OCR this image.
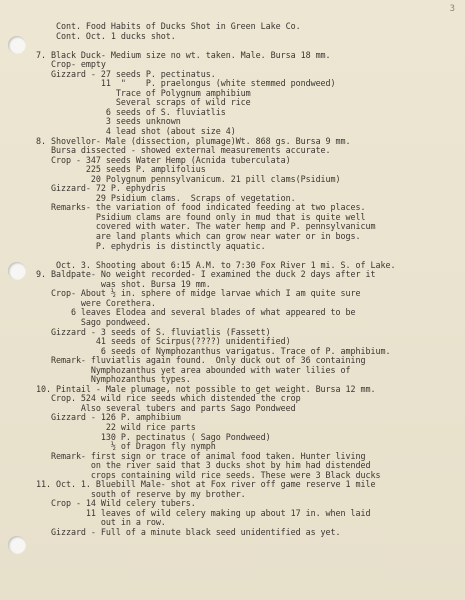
3
Cont. Food Habits of Ducks Shot in Green Lake Co.
Cont. Oct. 1 ducks shot.
7. Black Duck- Medium size no wt. taken. Male. Bursa 18 mm.
Crop- empty
Gizzard - 27 seeds P. pectinatus.
11  "    P. praelongus (white stemmed pondweed)
Trace of Polygnum amphibium
Several scraps of wild rice
6 seeds of S. fluviatlis
3 seeds unknown
4 lead shot (about size 4)
8. Shovellor- Male (dissection, plumage)Wt. 868 gs. Bursa 9 mm.
Bursa dissected - showed external measurements accurate.
Crop - 347 seeds Water Hemp (Acnida tuberculata)
225 seeds P. amplifolius
20 Polygnum pennsylvanicum. 21 pill clams(Psidium)
Gizzard- 72 P. ephydris
29 Psidium clams.  Scraps of vegetation.
Remarks- the variation of food indicated feeding at two places.
Psidium clams are found only in mud that is quite well
covered with water. The water hemp and P. pennsylvanicum
are land plants which can grow near water or in bogs.
P. ephydris is distinctly aquatic.
Oct. 3. Shooting about 6:15 A.M. to 7:30 Fox River 1 mi. S. of Lake.
9. Baldpate- No weight recorded- I examined the duck 2 days after it
was shot. Bursa 19 mm.
Crop- About ½ in. sphere of midge larvae which I am quite sure
were Corethera.
6 leaves Elodea and several blades of what appeared to be
Sago pondweed.
Gizzard - 3 seeds of S. fluviatlis (Fassett)
41 seeds of Scirpus(????) unidentified)
6 seeds of Nymphozanthus varigatus. Trace of P. amphibium.
Remark- fluviatlis again found.  Only duck out of 36 containing
Nymphozanthus yet area abounded with water lilies of
Nymphozanthus types.
10. Pintail - Male plumage, not possible to get weight. Bursa 12 mm.
Crop. 524 wild rice seeds which distended the crop
Also several tubers and parts Sago Pondweed
Gizzard - 126 P. amphibium
22 wild rice parts
130 P. pectinatus ( Sago Pondweed)
½ of Dragon fly nymph
Remark- first sign or trace of animal food taken. Hunter living
on the river said that 3 ducks shot by him had distended
crops containing wild rice seeds. These were 3 Black ducks
11. Oct. 1. Bluebill Male- shot at Fox river off game reserve 1 mile
south of reserve by my brother.
Crop - 14 Wild celery tubers.
11 leaves of wild celery making up about 17 in. when laid
out in a row.
Gizzard - Full of a minute black seed unidentified as yet.
